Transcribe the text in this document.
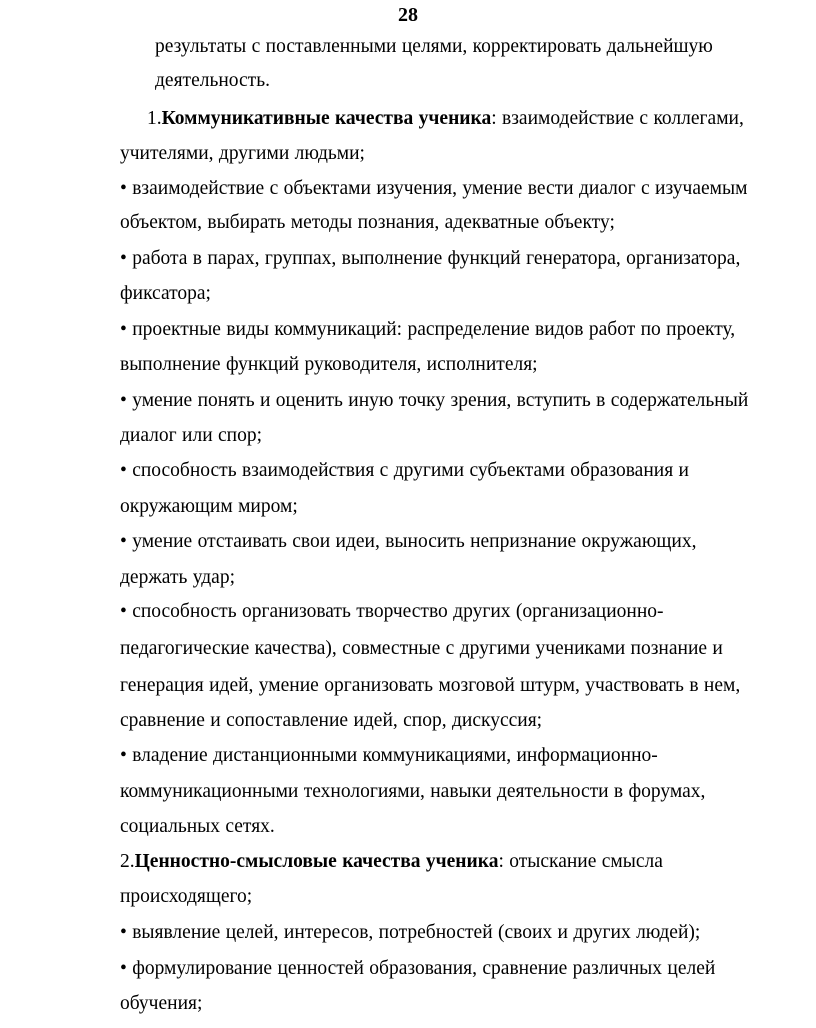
28
результаты с поставленными целями, корректировать дальнейшую
деятельность.
1.Коммуникативные качества ученика: взаимодействие с коллегами,
учителями, другими людьми;
• взаимодействие с объектами изучения, умение вести диалог с изучаемым
объектом, выбирать методы познания, адекватные объекту;
• работа в парах, группах, выполнение функций генератора, организатора,
фиксатора;
• проектные виды коммуникаций: распределение видов работ по проекту,
выполнение функций руководителя, исполнителя;
• умение понять и оценить иную точку зрения, вступить в содержательный
диалог или спор;
• способность взаимодействия с другими субъектами образования и
окружающим миром;
• умение отстаивать свои идеи, выносить непризнание окружающих,
держать удар;
• способность организовать творчество других (организационно-
педагогические качества), совместные с другими учениками познание и
генерация идей, умение организовать мозговой штурм, участвовать в нем,
сравнение и сопоставление идей, спор, дискуссия;
• владение дистанционными коммуникациями, информационно-
коммуникационными технологиями, навыки деятельности в форумах,
социальных сетях.
2.Ценностно-смысловые качества ученика: отыскание смысла
происходящего;
• выявление целей, интересов, потребностей (своих и других людей);
• формулирование ценностей образования, сравнение различных целей
обучения;
